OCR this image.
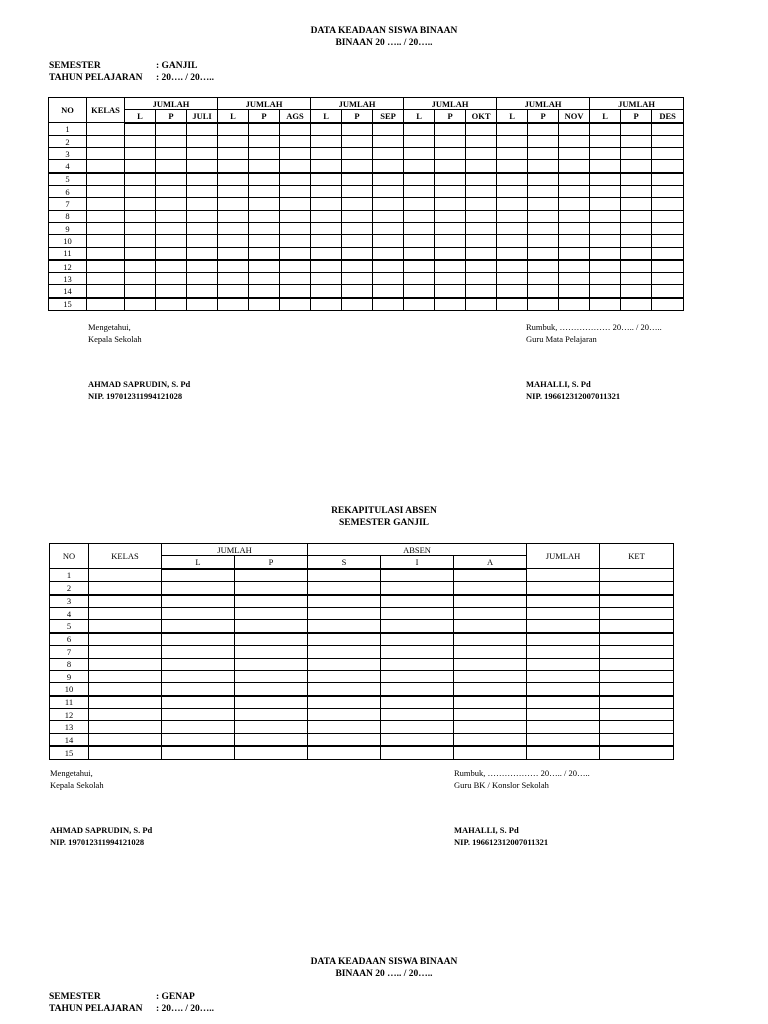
DATA KEADAAN SISWA BINAAN
BINAAN 20 ….. / 20…..
SEMESTER	: GANJIL
TAHUN PELAJARAN : 20…. / 20…..
NO	KELAS	JUMLAH			JUMLAH			JUMLAH			JUMLAH			JUMLAH			JUMLAH		
		L	P	JULI	L	P	AGS	L	P	SEP	L	P	OKT	L	P	NOV	L	P	DES
1																			
2																			
3																			
4																			
5																			
6																			
7																			
8																			
9																			
10																			
11																			
12																			
13																			
14																			
15																			
Mengetahui,
Kepala Sekolah
AHMAD SAPRUDIN, S. Pd
NIP. 197012311994121028
Rumbuk, ……………… 20….. / 20…..
Guru Mata Pelajaran
MAHALLI, S. Pd
NIP. 196612312007011321
REKAPITULASI ABSEN
SEMESTER GANJIL
NO	KELAS	JUMLAH		ABSEN			JUMLAH	KET
		L	P	S	I	A		
1								
2								
3								
4								
5								
6								
7								
8								
9								
10								
11								
12								
13								
14								
15								
Mengetahui,
Kepala Sekolah
AHMAD SAPRUDIN, S. Pd
NIP. 197012311994121028
Rumbuk, ……………… 20….. / 20…..
Guru BK / Konslor Sekolah
MAHALLI, S. Pd
NIP. 196612312007011321
DATA KEADAAN SISWA BINAAN
BINAAN 20 ….. / 20…..
SEMESTER	: GENAP
TAHUN PELAJARAN : 20…. / 20…..
